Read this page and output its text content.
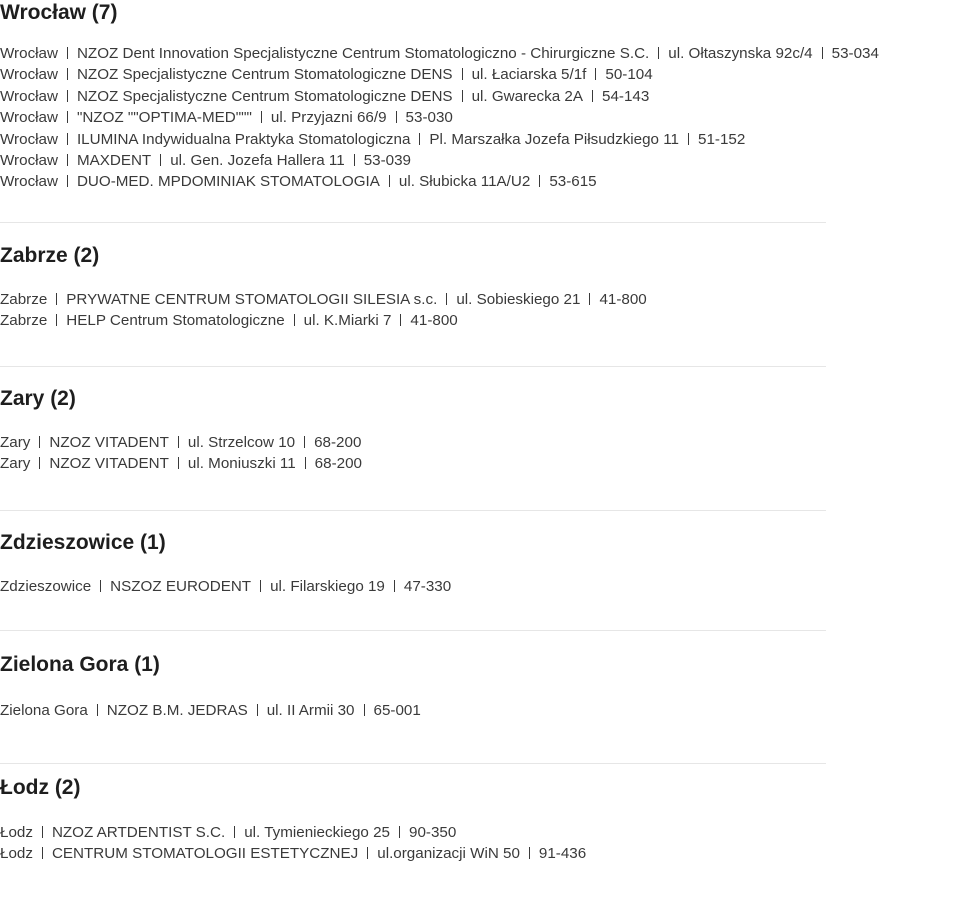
Wrocław (7)
Wrocław NZOZ Dent Innovation Specjalistyczne Centrum Stomatologiczno - Chirurgiczne S.C. ul. Ołtaszynska 92c/4 53-034
Wrocław NZOZ Specjalistyczne Centrum Stomatologiczne DENS ul. Łaciarska 5/1f 50-104
Wrocław NZOZ Specjalistyczne Centrum Stomatologiczne DENS ul. Gwarecka 2A 54-143
Wrocław "NZOZ ""OPTIMA-MED""" ul. Przyjazni 66/9 53-030
Wrocław ILUMINA Indywidualna Praktyka Stomatologiczna Pl. Marszałka Jozefa Piłsudzkiego 11 51-152
Wrocław MAXDENT ul. Gen. Jozefa Hallera 11 53-039
Wrocław DUO-MED. MPDOMINIAK STOMATOLOGIA ul. Słubicka 11A/U2 53-615
Zabrze (2)
Zabrze PRYWATNE CENTRUM STOMATOLOGII SILESIA s.c. ul. Sobieskiego 21 41-800
Zabrze HELP Centrum Stomatologiczne ul. K.Miarki 7 41-800
Zary (2)
Zary NZOZ VITADENT ul. Strzelcow 10 68-200
Zary NZOZ VITADENT ul. Moniuszki 11 68-200
Zdzieszowice (1)
Zdzieszowice NSZOZ EURODENT ul. Filarskiego 19 47-330
Zielona Gora (1)
Zielona Gora NZOZ B.M. JEDRAS ul. II Armii 30 65-001
Łodz (2)
Łodz NZOZ ARTDENTIST S.C. ul. Tymienieckiego 25 90-350
Łodz CENTRUM STOMATOLOGII ESTETYCZNEJ ul.organizacji WiN 50 91-436
